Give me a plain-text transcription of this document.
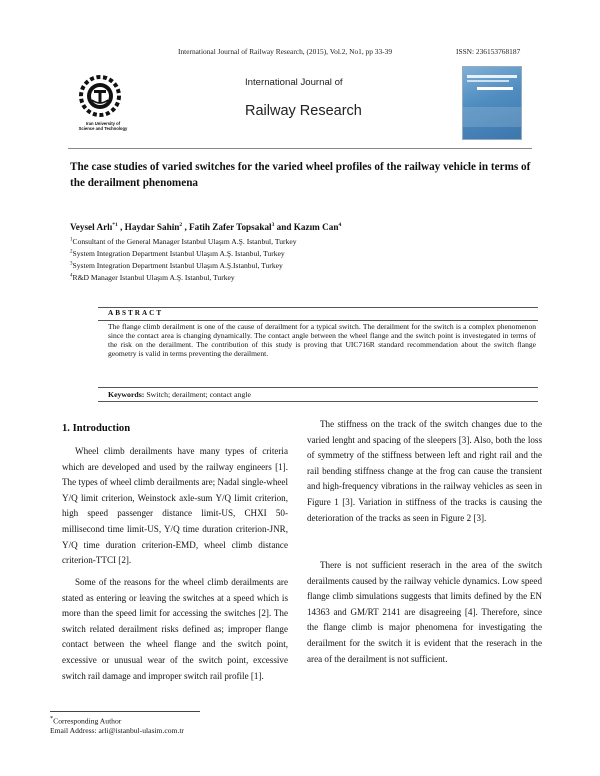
International Journal of Railway Research, (2015), Vol.2, No1, pp 33-39	ISSN: 236153768187
Iran University of
Science and Technology
International Journal of
Railway Research
The case studies of varied switches for the varied wheel profiles of the railway vehicle in terms of the derailment phenomena
Veysel Arlı$^{*1}$ , Haydar Sahin$^2$ , Fatih Zafer Topsakal$^3$ and Kazım Can$^4$
$^1$Consultant of the General Manager Istanbul Ulaşım A.Ş. Istanbul, Turkey
$^2$System Integration Department Istanbul Ulaşım A.Ş. Istanbul, Turkey
$^3$System Integration Department Istanbul Ulaşım A.Ş.Istanbul, Turkey
$^4$R&D Manager Istanbul Ulaşım A.Ş. Istanbul, Turkey
ABSTRACT
The flange climb derailment is one of the cause of derailment for a typical switch. The derailment for the switch is a complex phenomenon since the contact area is changing dynamically. The contact angle between the wheel flange and the switch point is investegated in terms of the risk on the derailment. The contribution of this study is proving that UIC716R standard recommendation about the switch flange geometry is valid in terms preventing the derailment.
Keywords: Switch; derailment; contact angle
1. Introduction

Wheel climb derailments have many types of criteria which are developed and used by the railway engineers [1]. The types of wheel climb derailments are; Nadal single-wheel Y/Q limit criterion, Weinstock axle-sum Y/Q limit criterion, high speed passenger distance limit-US, CHXI 50-millisecond time limit-US, Y/Q time duration criterion-JNR, Y/Q time duration criterion-EMD, wheel climb distance criterion-TTCI [2].

Some of the reasons for the wheel climb derailments are stated as entering or leaving the switches at a speed which is more than the speed limit for accessing the switches [2]. The switch related derailment risks defined as; improper flange contact between the wheel flange and the switch point, excessive or unusual wear of the switch point, excessive switch rail damage and improper switch rail profile [1].

The stiffness on the track of the switch changes due to the varied lenght and spacing of the sleepers [3]. Also, both the loss of symmetry of the stiffness between left and right rail and the rail bending stiffness change at the frog can cause the transient and high-frequency vibrations in the railway vehicles as seen in Figure 1 [3]. Variation in stiffness of the tracks is causing the deterioration of the tracks as seen in Figure 2 [3].

There is not sufficient reserach in the area of the switch derailments caused by the railway vehicle dynamics. Low speed flange climb simulations suggests that limits defined by the EN 14363 and GM/RT 2141 are disagreeing [4]. Therefore, since the flange climb is major phenomena for investigating the derailment for the switch it is evident that the reserach in the area of the derailment is not sufficient.

*Corresponding Author
Email Address: arli@istanbul-ulasim.com.tr
